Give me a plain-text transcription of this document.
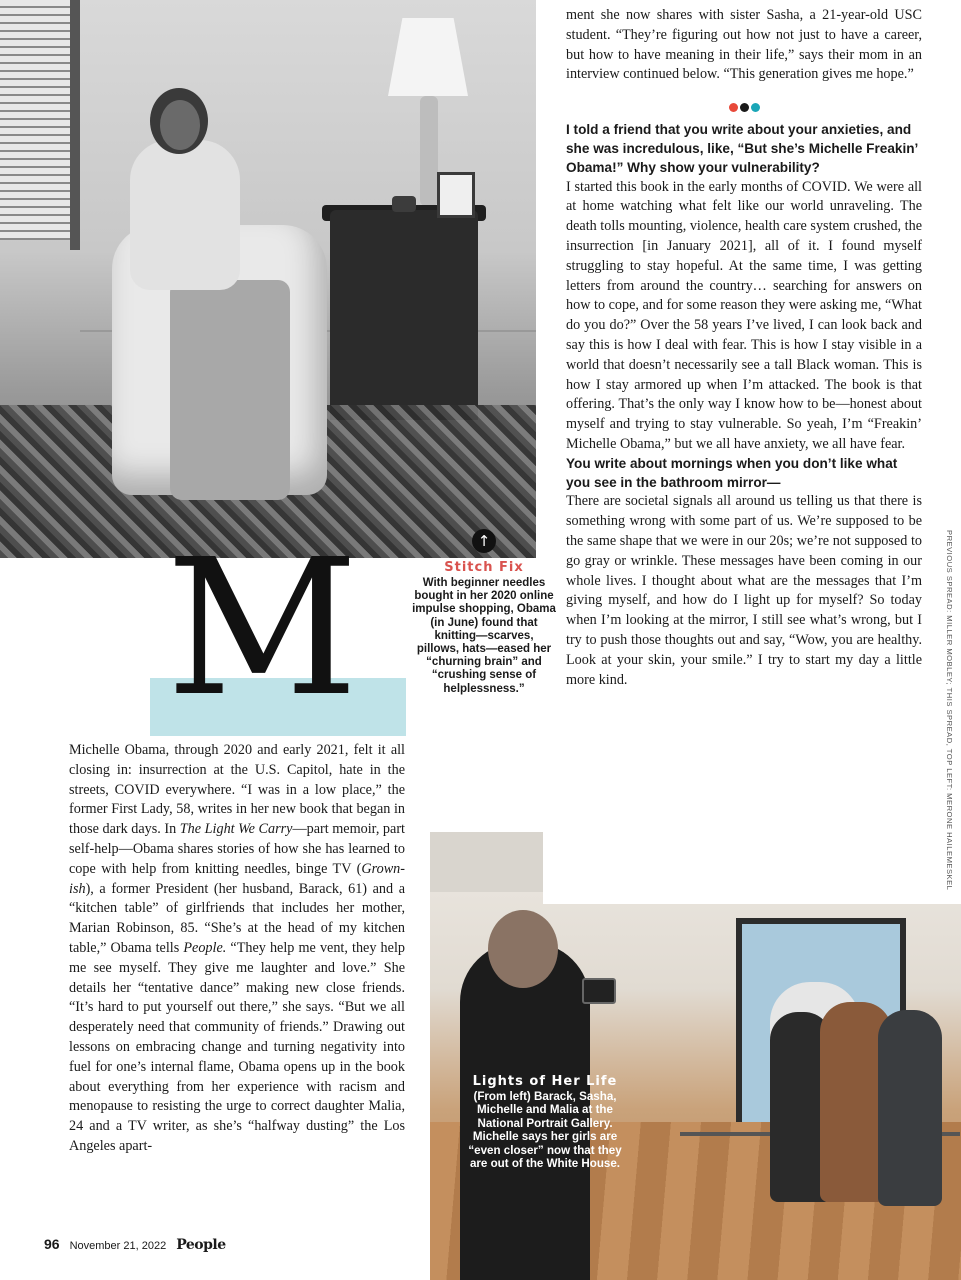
↑
Stitch Fix
With beginner needles bought in her 2020 online impulse shopping, Obama (in June) found that knitting—scarves, pillows, hats—eased her “churning brain” and “crushing sense of helplessness.”
M

Michelle Obama, through 2020 and early 2021, felt it all closing in: insurrection at the U.S. Capitol, hate in the streets, COVID everywhere. “I was in a low place,” the former First Lady, 58, writes in her new book that began in those dark days. In The Light We Carry—part memoir, part self-help—Obama shares stories of how she has learned to cope with help from knitting needles, binge TV (Grown-ish), a former President (her husband, Barack, 61) and a “kitchen table” of girlfriends that includes her mother, Marian Robinson, 85. “She’s at the head of my kitchen table,” Obama tells People. “They help me vent, they help me see myself. They give me laughter and love.” She details her “tentative dance” making new close friends. “It’s hard to put yourself out there,” she says. “But we all desperately need that community of friends.” Drawing out lessons on embracing change and turning negativity into fuel for one’s internal flame, Obama opens up in the book about everything from her experience with racism and menopause to resisting the urge to correct daughter Malia, 24 and a TV writer, as she’s “halfway dusting” the Los Angeles apart-

ment she now shares with sister Sasha, a 21-year-old USC student. “They’re figuring out how not just to have a career, but how to have meaning in their life,” says their mom in an interview continued below. “This generation gives me hope.”

I told a friend that you write about your anxieties, and she was incredulous, like, “But she’s Michelle Freakin’ Obama!” Why show your vulnerability?

I started this book in the early months of COVID. We were all at home watching what felt like our world unraveling. The death tolls mounting, violence, health care system crushed, the insurrection [in January 2021], all of it. I found myself struggling to stay hopeful. At the same time, I was getting letters from around the country… searching for answers on how to cope, and for some reason they were asking me, “What do you do?” Over the 58 years I’ve lived, I can look back and say this is how I deal with fear. This is how I stay visible in a world that doesn’t necessarily see a tall Black woman. This is how I stay armored up when I’m attacked. The book is that offering. That’s the only way I know how to be—honest about myself and trying to stay vulnerable. So yeah, I’m “Freakin’ Michelle Obama,” but we all have anxiety, we all have fear.

You write about mornings when you don’t like what you see in the bathroom mirror—

There are societal signals all around us telling us that there is something wrong with some part of us. We’re supposed to be the same shape that we were in our 20s; we’re not supposed to go gray or wrinkle. These messages have been coming in our whole lives. I thought about what are the messages that I’m giving myself, and how do I light up for myself? So today when I’m looking at the mirror, I still see what’s wrong, but I try to push those thoughts out and say, “Wow, you are healthy. Look at your skin, your smile.” I try to start my day a little more kind.

Lights of Her Life
(From left) Barack, Sasha, Michelle and Malia at the National Portrait Gallery. Michelle says her girls are “even closer” now that they are out of the White House.
PREVIOUS SPREAD: MILLER MOBLEY; THIS SPREAD, TOP LEFT: MERONE HAILEMESKEL
96 November 21, 2022 People
